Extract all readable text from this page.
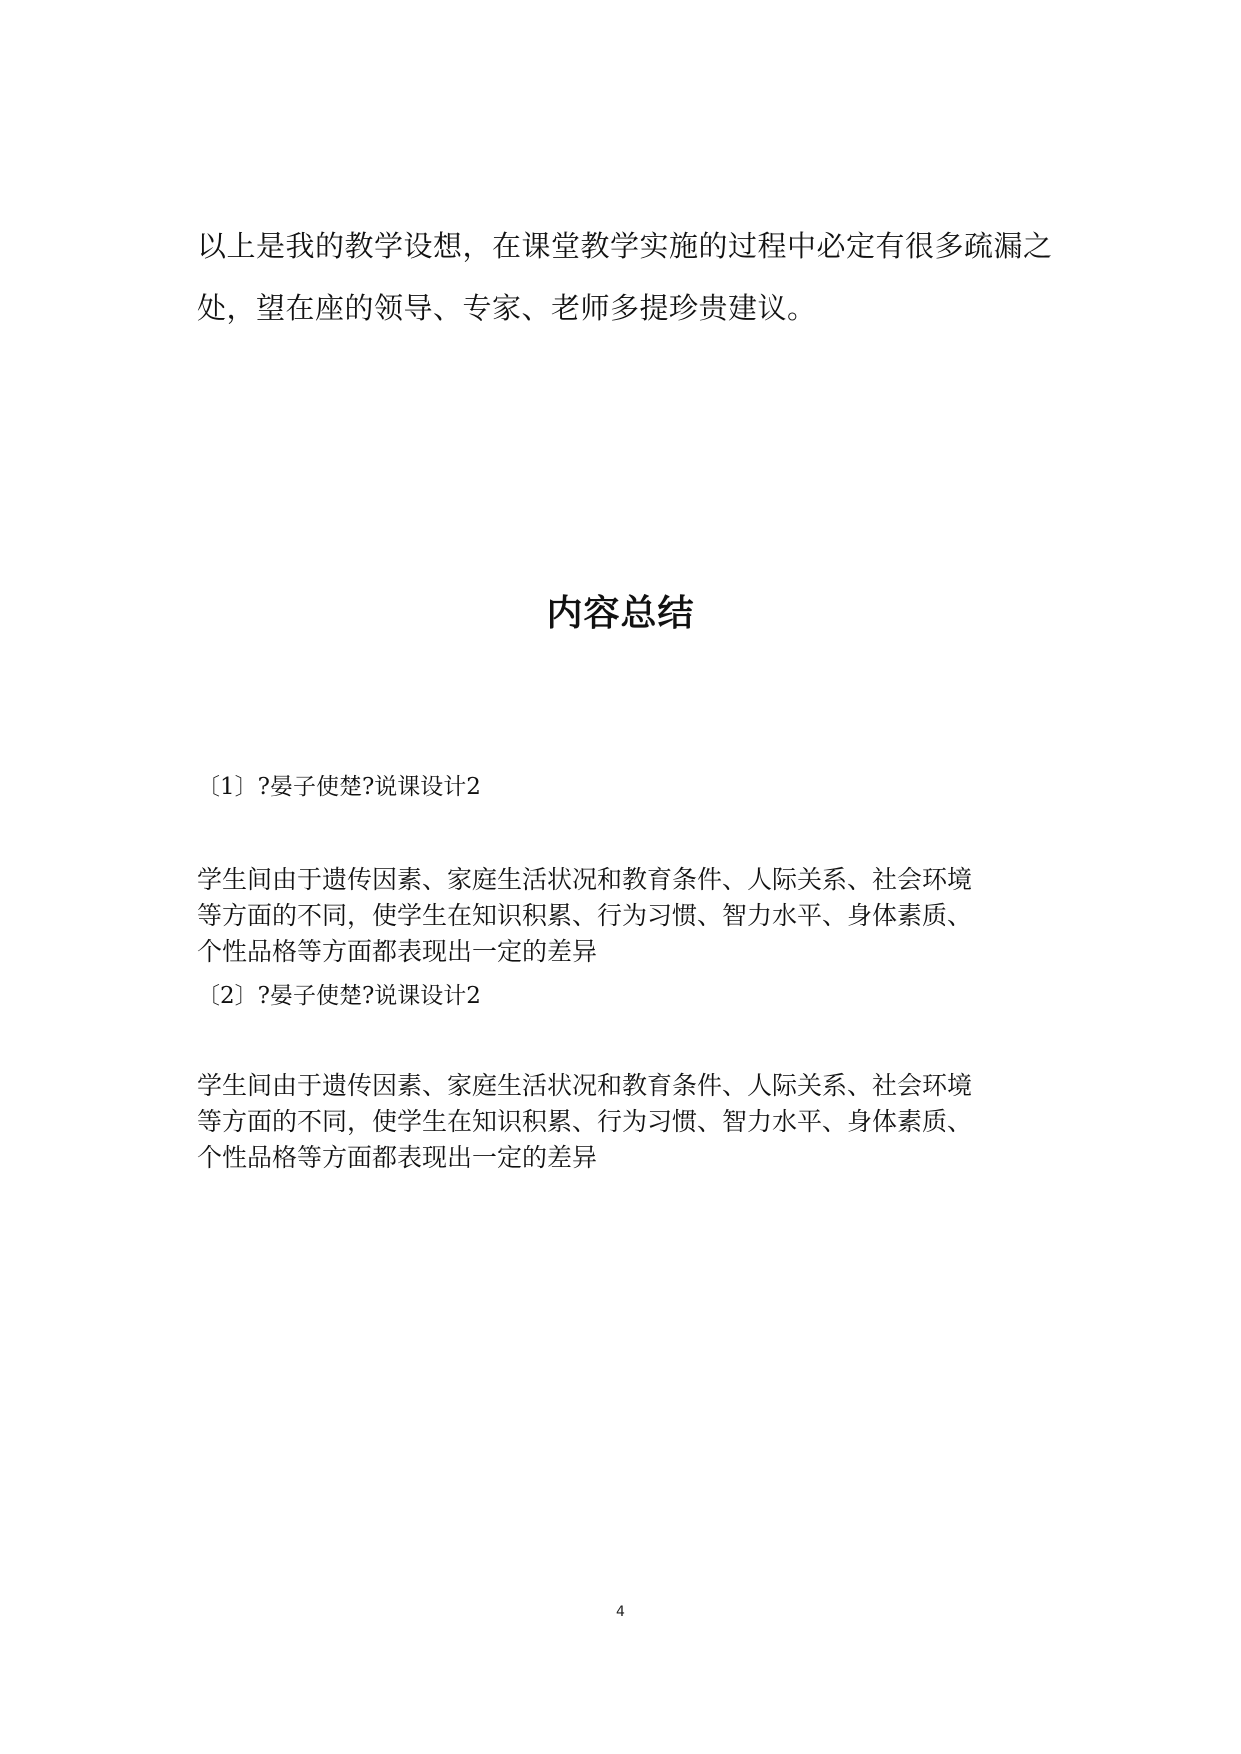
以上是我的教学设想，在课堂教学实施的过程中必定有很多疏漏之
处，望在座的领导、专家、老师多提珍贵建议。

内容总结

〔1〕?晏子使楚?说课设计2

学生间由于遗传因素、家庭生活状况和教育条件、人际关系、社会环境
等方面的不同，使学生在知识积累、行为习惯、智力水平、身体素质、
个性品格等方面都表现出一定的差异

〔2〕?晏子使楚?说课设计2

学生间由于遗传因素、家庭生活状况和教育条件、人际关系、社会环境
等方面的不同，使学生在知识积累、行为习惯、智力水平、身体素质、
个性品格等方面都表现出一定的差异

4
